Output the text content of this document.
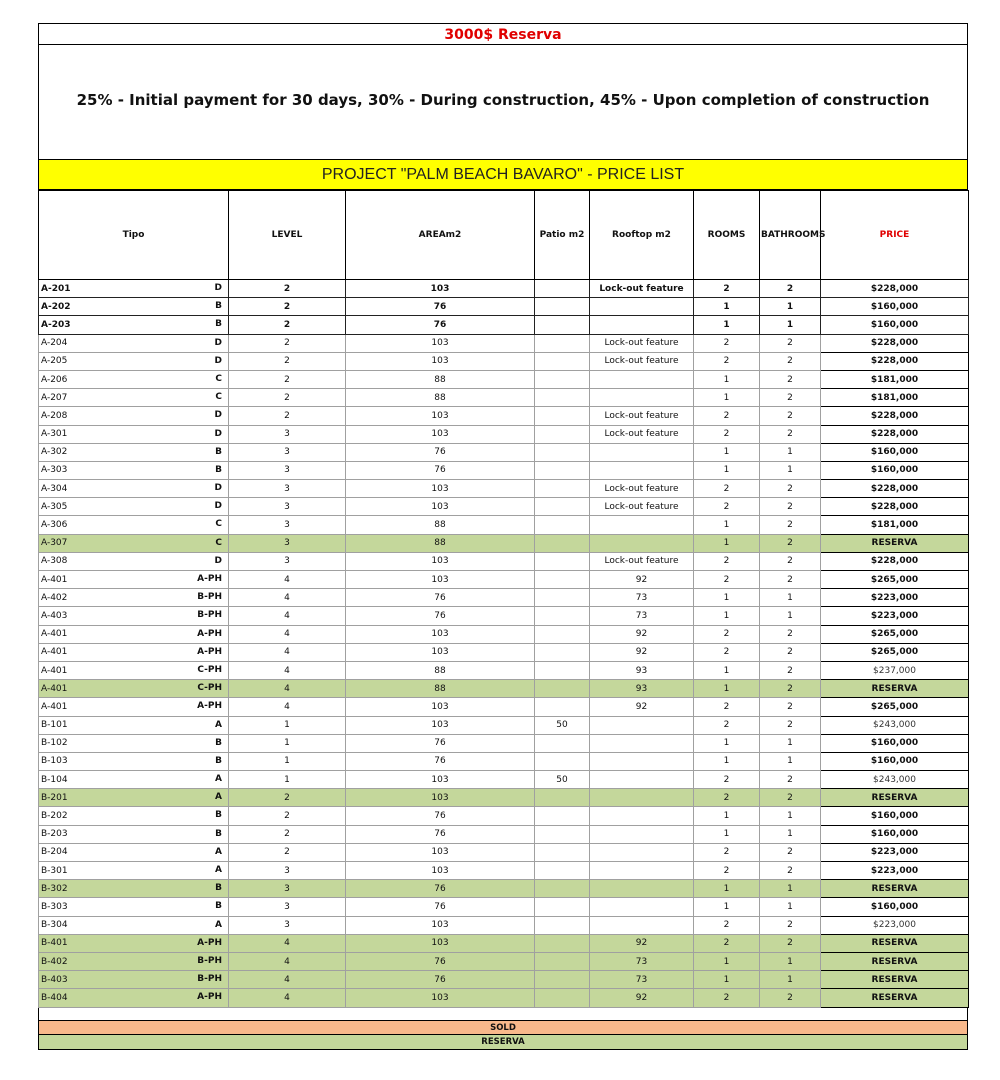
3000$ Reserva
25% - Initial payment for 30 days, 30% - During construction, 45% - Upon completion of construction
PROJECT "PALM BEACH BAVARO" - PRICE LIST
Tipo	LEVEL	AREAm2	Patio m2	Rooftop m2	ROOMS	BATHROOMS	PRICE
A-201 D	2	103		Lock-out feature	2	2	$228,000
A-202 B	2	76			1	1	$160,000
A-203 B	2	76			1	1	$160,000
A-204 D	2	103		Lock-out feature	2	2	$228,000
A-205 D	2	103		Lock-out feature	2	2	$228,000
A-206 C	2	88			1	2	$181,000
A-207 C	2	88			1	2	$181,000
A-208 D	2	103		Lock-out feature	2	2	$228,000
A-301 D	3	103		Lock-out feature	2	2	$228,000
A-302 B	3	76			1	1	$160,000
A-303 B	3	76			1	1	$160,000
A-304 D	3	103		Lock-out feature	2	2	$228,000
A-305 D	3	103		Lock-out feature	2	2	$228,000
A-306 C	3	88			1	2	$181,000
A-307 C	3	88			1	2	RESERVA
A-308 D	3	103		Lock-out feature	2	2	$228,000
A-401 A-PH	4	103		92	2	2	$265,000
A-402 B-PH	4	76		73	1	1	$223,000
A-403 B-PH	4	76		73	1	1	$223,000
A-401 A-PH	4	103		92	2	2	$265,000
A-401 A-PH	4	103		92	2	2	$265,000
A-401 C-PH	4	88		93	1	2	$237,000
A-401 C-PH	4	88		93	1	2	RESERVA
A-401 A-PH	4	103		92	2	2	$265,000
B-101 A	1	103	50		2	2	$243,000
B-102 B	1	76			1	1	$160,000
B-103 B	1	76			1	1	$160,000
B-104 A	1	103	50		2	2	$243,000
B-201 A	2	103			2	2	RESERVA
B-202 B	2	76			1	1	$160,000
B-203 B	2	76			1	1	$160,000
B-204 A	2	103			2	2	$223,000
B-301 A	3	103			2	2	$223,000
B-302 B	3	76			1	1	RESERVA
B-303 B	3	76			1	1	$160,000
B-304 A	3	103			2	2	$223,000
B-401 A-PH	4	103		92	2	2	RESERVA
B-402 B-PH	4	76		73	1	1	RESERVA
B-403 B-PH	4	76		73	1	1	RESERVA
B-404 A-PH	4	103		92	2	2	RESERVA
SOLD
RESERVA
